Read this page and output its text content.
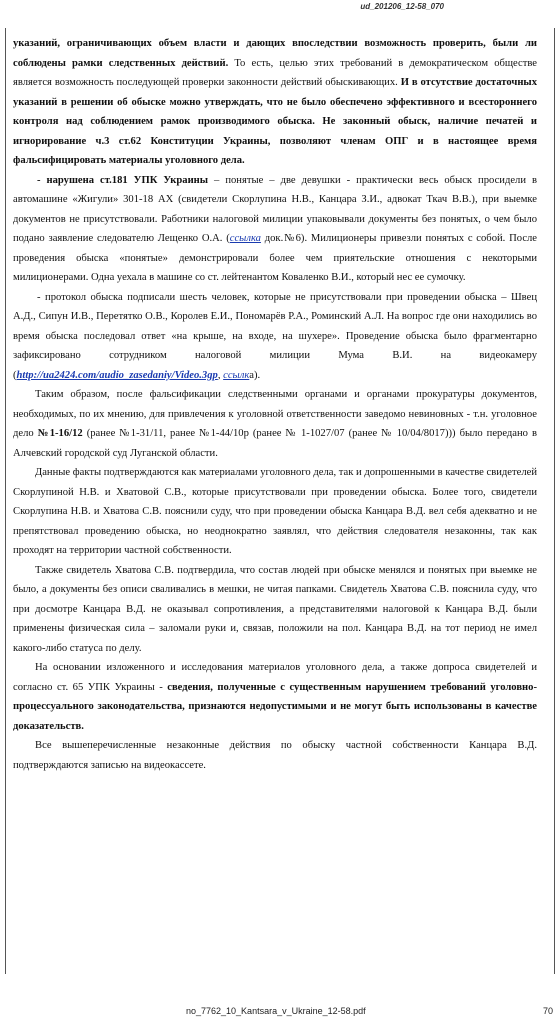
ud_201206_12-58_070

указаний, ограничивающих объем власти и дающих впоследствии возможность проверить, были ли соблюдены рамки следственных действий. То есть, целью этих требований в демократическом обществе является возможность последующей проверки законности действий обыскивающих. И в отсутствие достаточных указаний в решении об обыске можно утверждать, что не было обеспечено эффективного и всестороннего контроля над соблюдением рамок производимого обыска. Не законный обыск, наличие печатей и игнорирование ч.3 ст.62 Конституции Украины, позволяют членам ОПГ и в настоящее время фальсифицировать материалы уголовного дела.

- нарушена ст.181 УПК Украины – понятые – две девушки - практически весь обыск просидели в автомашине «Жигули» 301-18 АХ (свидетели Скорлупина Н.В., Канцара З.И., адвокат Ткач В.В.), при выемке документов не присутствовали. Работники налоговой милиции упаковывали документы без понятых, о чем было подано заявление следователю Лещенко О.А. (ссылка док.№6). Милиционеры привезли понятых с собой. После проведения обыска «понятые» демонстрировали более чем приятельские отношения с некоторыми милиционерами. Одна уехала в машине со ст. лейтенантом Коваленко В.И., который нес ее сумочку.

- протокол обыска подписали шесть человек, которые не присутствовали при проведении обыска – Швец А.Д., Сипун И.В., Перетятко О.В., Королев Е.И., Пономарёв Р.А., Роминский А.Л. На вопрос где они находились во время обыска последовал ответ «на крыше, на входе, на шухере». Проведение обыска было фрагментарно зафиксировано сотрудником налоговой милиции Мума В.И. на видеокамеру (http://ua2424.com/audio_zasedaniy/Video.3gp, ссылка).

Таким образом, после фальсификации следственными органами и органами прокуратуры документов, необходимых, по их мнению, для привлечения к уголовной ответственности заведомо невиновных - т.н. уголовное дело №1-16/12 (ранее №1-31/11, ранее №1-44/10р (ранее № 1-1027/07 (ранее № 10/04/8017))) было передано в Алчевский городской суд Луганской области.

Данные факты подтверждаются как материалами уголовного дела, так и допрошенными в качестве свидетелей Скорлупиной Н.В. и Хватовой С.В., которые присутствовали при проведении обыска. Более того, свидетели Скорлупина Н.В. и Хватова С.В. пояснили суду, что при проведении обыска Канцара В.Д. вел себя адекватно и не препятствовал проведению обыска, но неоднократно заявлял, что действия следователя незаконны, так как проходят на территории частной собственности.

Также свидетель Хватова С.В. подтвердила, что состав людей при обыске менялся и понятых при выемке не было, а документы без описи сваливались в мешки, не читая папками. Свидетель Хватова С.В. пояснила суду, что при досмотре Канцара В.Д. не оказывал сопротивления, а представителями налоговой к Канцара В.Д. были применены физическая сила – заломали руки и, связав, положили на пол. Канцара В.Д. на тот период не имел какого-либо статуса по делу.

На основании изложенного и исследования материалов уголовного дела, а также допроса свидетелей и согласно ст. 65 УПК Украины - сведения, полученные с существенным нарушением требований уголовно-процессуального законодательства, признаются недопустимыми и не могут быть использованы в качестве доказательств.

Все вышеперечисленные незаконные действия по обыску частной собственности Канцара В.Д. подтверждаются записью на видеокассете.

no_7762_10_Kantsara_v_Ukraine_12-58.pdf	70
